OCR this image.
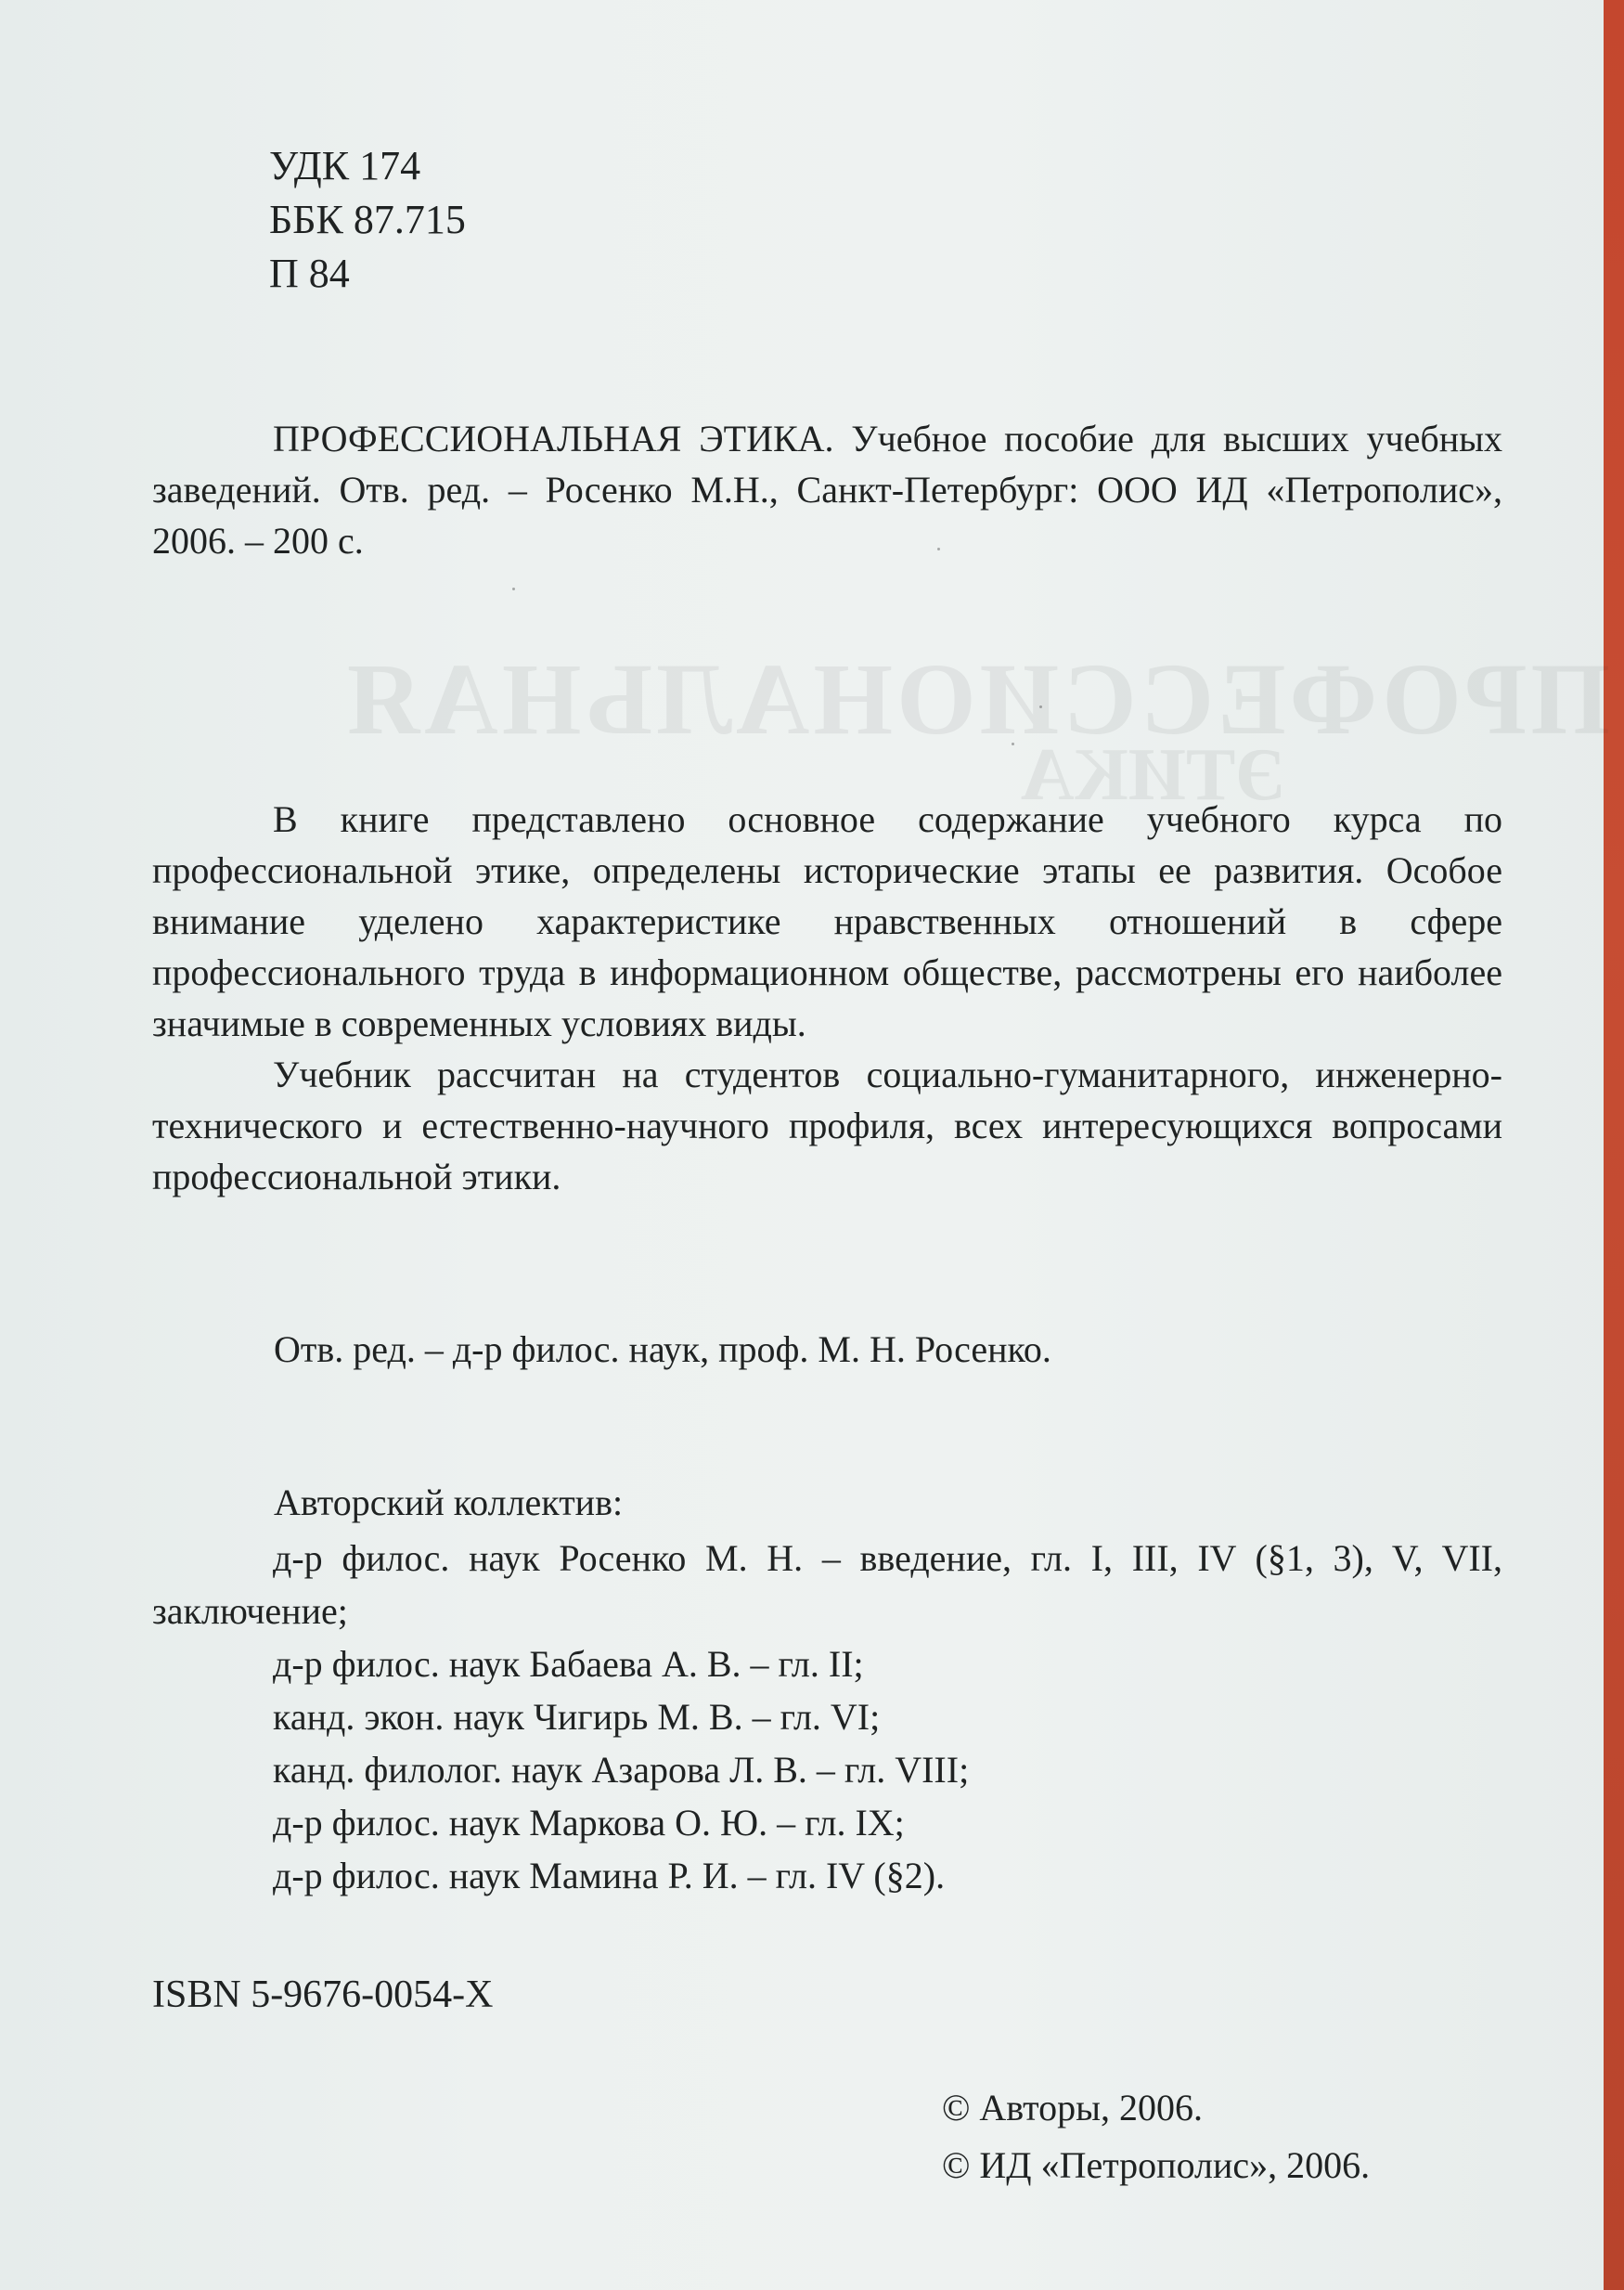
ПРОФЕССИОНАЛЬНАЯ
ЭТИКА
УДК 174
ББК 87.715
П 84

ПРОФЕССИОНАЛЬНАЯ ЭТИКА. Учебное пособие для высших учебных заведений. Отв. ред. – Росенко М.Н., Санкт-Петербург: ООО ИД «Петрополис», 2006. – 200 с.

В книге представлено основное содержание учебного курса по профессиональной этике, определены исторические этапы ее развития. Особое внимание уделено характеристике нравственных отношений в сфере профессионального труда в информационном обществе, рассмотрены его наиболее значимые в современных условиях виды.

Учебник рассчитан на студентов социально-гуманитарного, инженерно-технического и естественно-научного профиля, всех интересующихся вопросами профессиональной этики.

Отв. ред. – д-р филос. наук, проф. М. Н. Росенко.
Авторский коллектив:
д-р филос. наук Росенко М. Н. – введение, гл. I, III, IV (§1, 3), V, VII, заключение;
д-р филос. наук Бабаева А. В. – гл. II;
канд. экон. наук Чигирь М. В. – гл. VI;
канд. филолог. наук Азарова Л. В. – гл. VIII;
д-р филос. наук Маркова О. Ю. – гл. IX;
д-р филос. наук Мамина Р. И. – гл. IV (§2).
ISBN 5-9676-0054-X
© Авторы, 2006.
© ИД «Петрополис», 2006.
